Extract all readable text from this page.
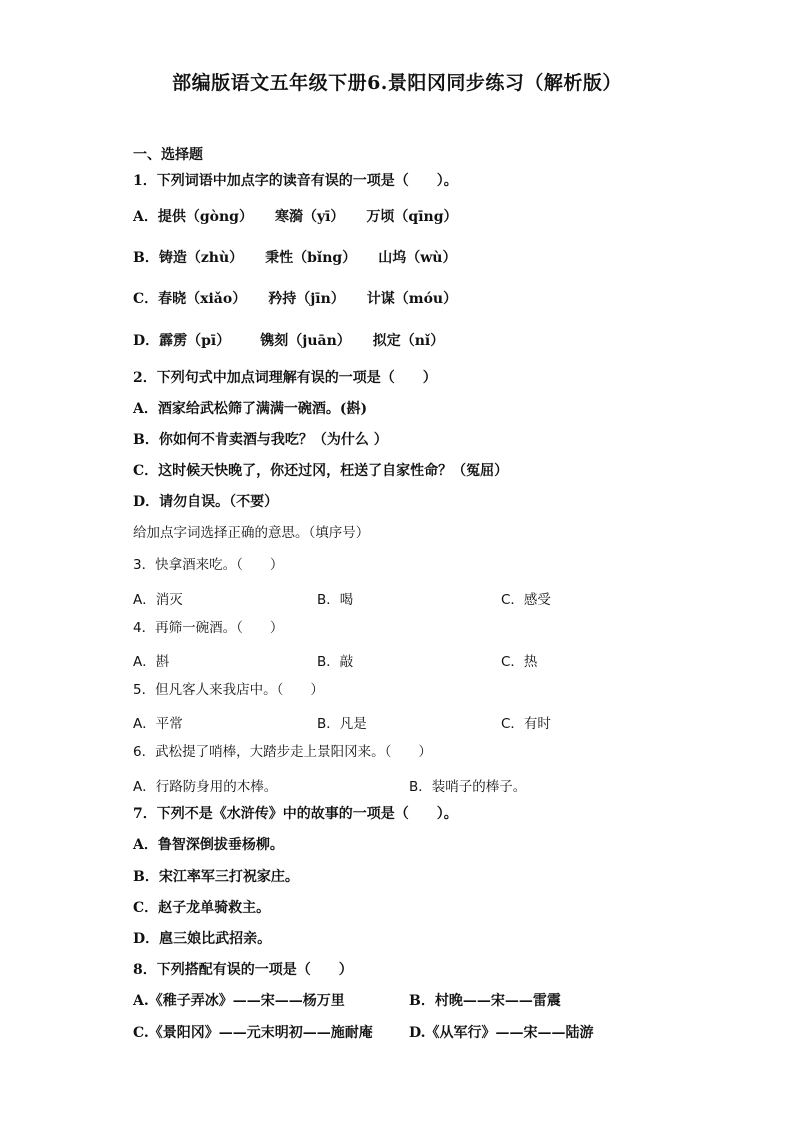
部编版语文五年级下册6.景阳冈同步练习（解析版）
一、选择题
1．下列词语中加点字的读音有误的一项是（　　）。
A．提供（gòng） 寒漪（yī） 万顷（qīng）
B．铸造（zhù） 秉性（bǐng） 山坞（wù）
C．春晓（xiǎo） 矜持（jīn） 计谋（móu）
D．霹雳（pī） 镌刻（juān） 拟定（nǐ）
2．下列句式中加点词理解有误的一项是（　　）
A．酒家给武松筛了满满一碗酒。(斟)
B．你如何不肯卖酒与我吃？（为什么 ）
C．这时候天快晚了，你还过冈，枉送了自家性命？（冤屈）
D．请勿自误。（不要）
给加点字词选择正确的意思。（填序号）
3．快拿酒来吃。（　　）
A．消灭	B．喝	C．感受
4．再筛一碗酒。（　　）
A．斟	B．敲	C．热
5．但凡客人来我店中。（　　）
A．平常	B．凡是	C．有时
6．武松提了哨棒，大踏步走上景阳冈来。（　　）
A．行路防身用的木棒。	B．装哨子的棒子。
7．下列不是《水浒传》中的故事的一项是（　　）。
A．鲁智深倒拔垂杨柳。
B．宋江率军三打祝家庄。
C．赵子龙单骑救主。
D．扈三娘比武招亲。
8．下列搭配有误的一项是（　　）
A.《稚子弄冰》——宋——杨万里	B．村晚——宋——雷震
C.《景阳冈》——元末明初——施耐庵	D.《从军行》——宋——陆游
